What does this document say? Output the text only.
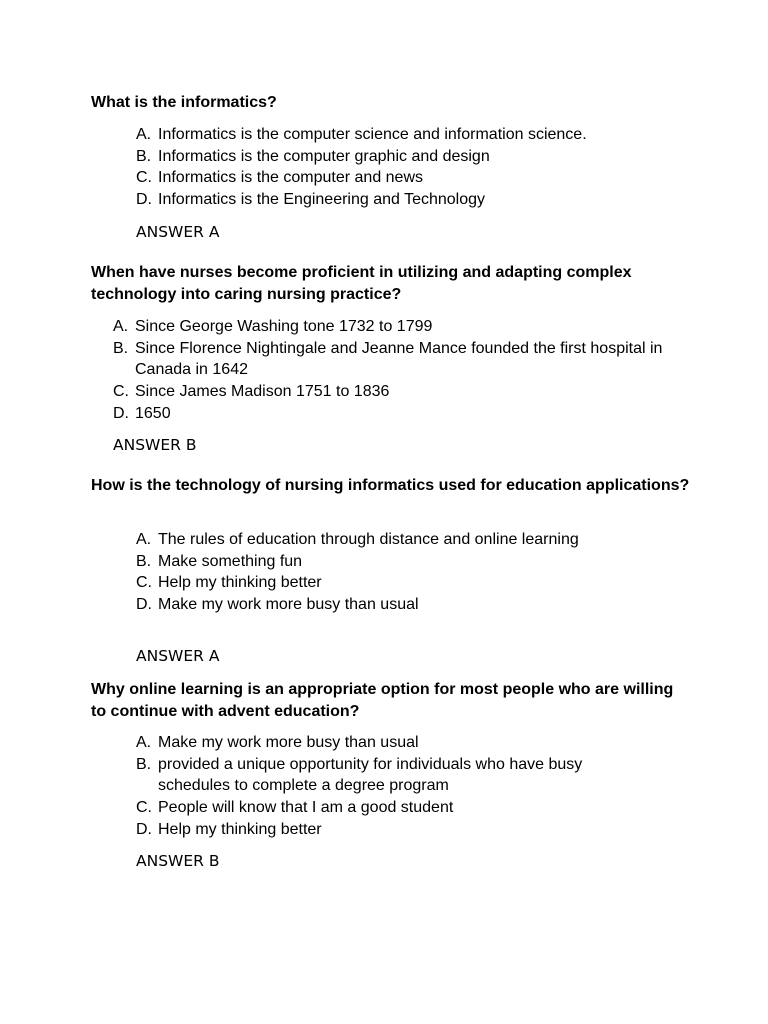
What is the informatics?

A. Informatics is the computer science and information science.
B. Informatics is the computer graphic and design
C. Informatics is the computer and news
D. Informatics is the Engineering and Technology

ANSWER A

When have nurses become proficient in utilizing and adapting complex technology into caring nursing practice?

A. Since George Washing tone 1732 to 1799
B. Since Florence Nightingale and Jeanne Mance founded the first hospital in Canada in 1642
C. Since James Madison 1751 to 1836
D. 1650

ANSWER B

How is the technology of nursing informatics used for education applications?

A. The rules of education through distance and online learning
B. Make something fun
C. Help my thinking better
D. Make my work more busy than usual

ANSWER A

Why online learning is an appropriate option for most people who are willing to continue with advent education?

A. Make my work more busy than usual
B. provided a unique opportunity for individuals who have busy schedules to complete a degree program
C. People will know that I am a good student
D. Help my thinking better

ANSWER B
